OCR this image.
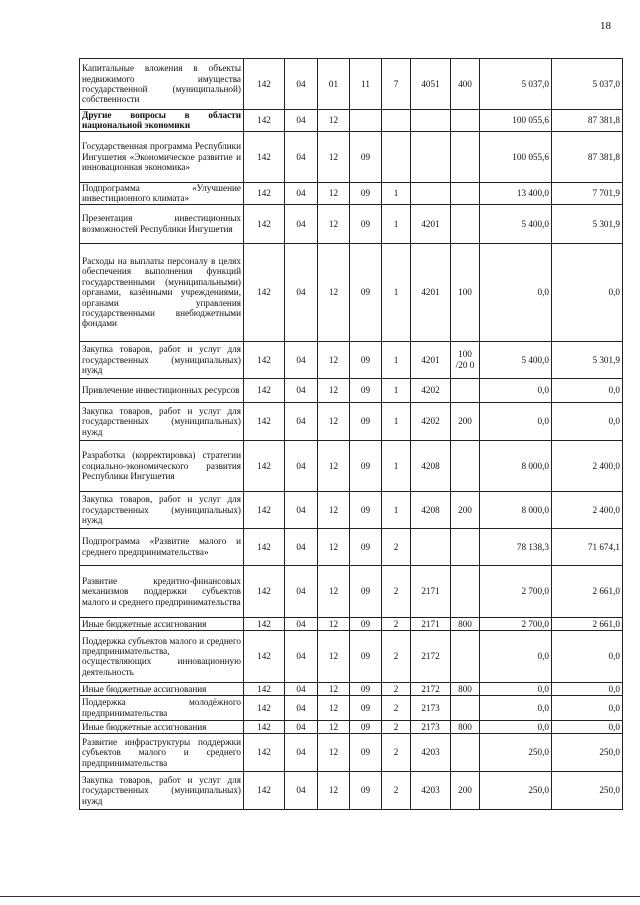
18
Капитальные вложения в объекты недвижимого имущества государственной (муниципальной) собственности	142	04	01	11	7	4051	400	5 037,0	5 037,0
Другие вопросы в области национальной экономики	142	04	12					100 055,6	87 381,8
Государственная программа Республики Ингушетия «Экономическое развитие и инновационная экономика»	142	04	12	09				100 055,6	87 381,8
Подпрограмма «Улучшение инвестиционного климата»	142	04	12	09	1			13 400,0	7 701,9
Презентация инвестиционных возможностей Республики Ингушетия	142	04	12	09	1	4201		5 400,0	5 301,9
Расходы на выплаты персоналу в целях обеспечения выполнения функций государственными (муниципальными) органами, казёнными учреждениями, органами управления государственными внебюджетными фондами	142	04	12	09	1	4201	100	0,0	0,0
Закупка товаров, работ и услуг для государственных (муниципальных) нужд	142	04	12	09	1	4201	100 /20 0	5 400,0	5 301,9
Привлечение инвестиционных ресурсов	142	04	12	09	1	4202		0,0	0,0
Закупка товаров, работ и услуг для государственных (муниципальных) нужд	142	04	12	09	1	4202	200	0,0	0,0
Разработка (корректировка) стратегии социально-экономического развития Республики Ингушетия	142	04	12	09	1	4208		8 000,0	2 400,0
Закупка товаров, работ и услуг для государственных (муниципальных) нужд	142	04	12	09	1	4208	200	8 000,0	2 400,0
Подпрограмма «Развитие малого и среднего предпринимательства»	142	04	12	09	2			78 138,3	71 674,1
Развитие кредитно-финансовых механизмов поддержки субъектов малого и среднего предпринимательства	142	04	12	09	2	2171		2 700,0	2 661,0
Иные бюджетные ассигнования	142	04	12	09	2	2171	800	2 700,0	2 661,0
Поддержка субъектов малого и среднего предпринимательства, осуществляющих инновационную деятельность	142	04	12	09	2	2172		0,0	0,0
Иные бюджетные ассигнования	142	04	12	09	2	2172	800	0,0	0,0
Поддержка молодёжного предпринимательства	142	04	12	09	2	2173		0,0	0,0
Иные бюджетные ассигнования	142	04	12	09	2	2173	800	0,0	0,0
Развитие инфраструктуры поддержки субъектов малого и среднего предпринимательства	142	04	12	09	2	4203		250,0	250,0
Закупка товаров, работ и услуг для государственных (муниципальных) нужд	142	04	12	09	2	4203	200	250,0	250,0
